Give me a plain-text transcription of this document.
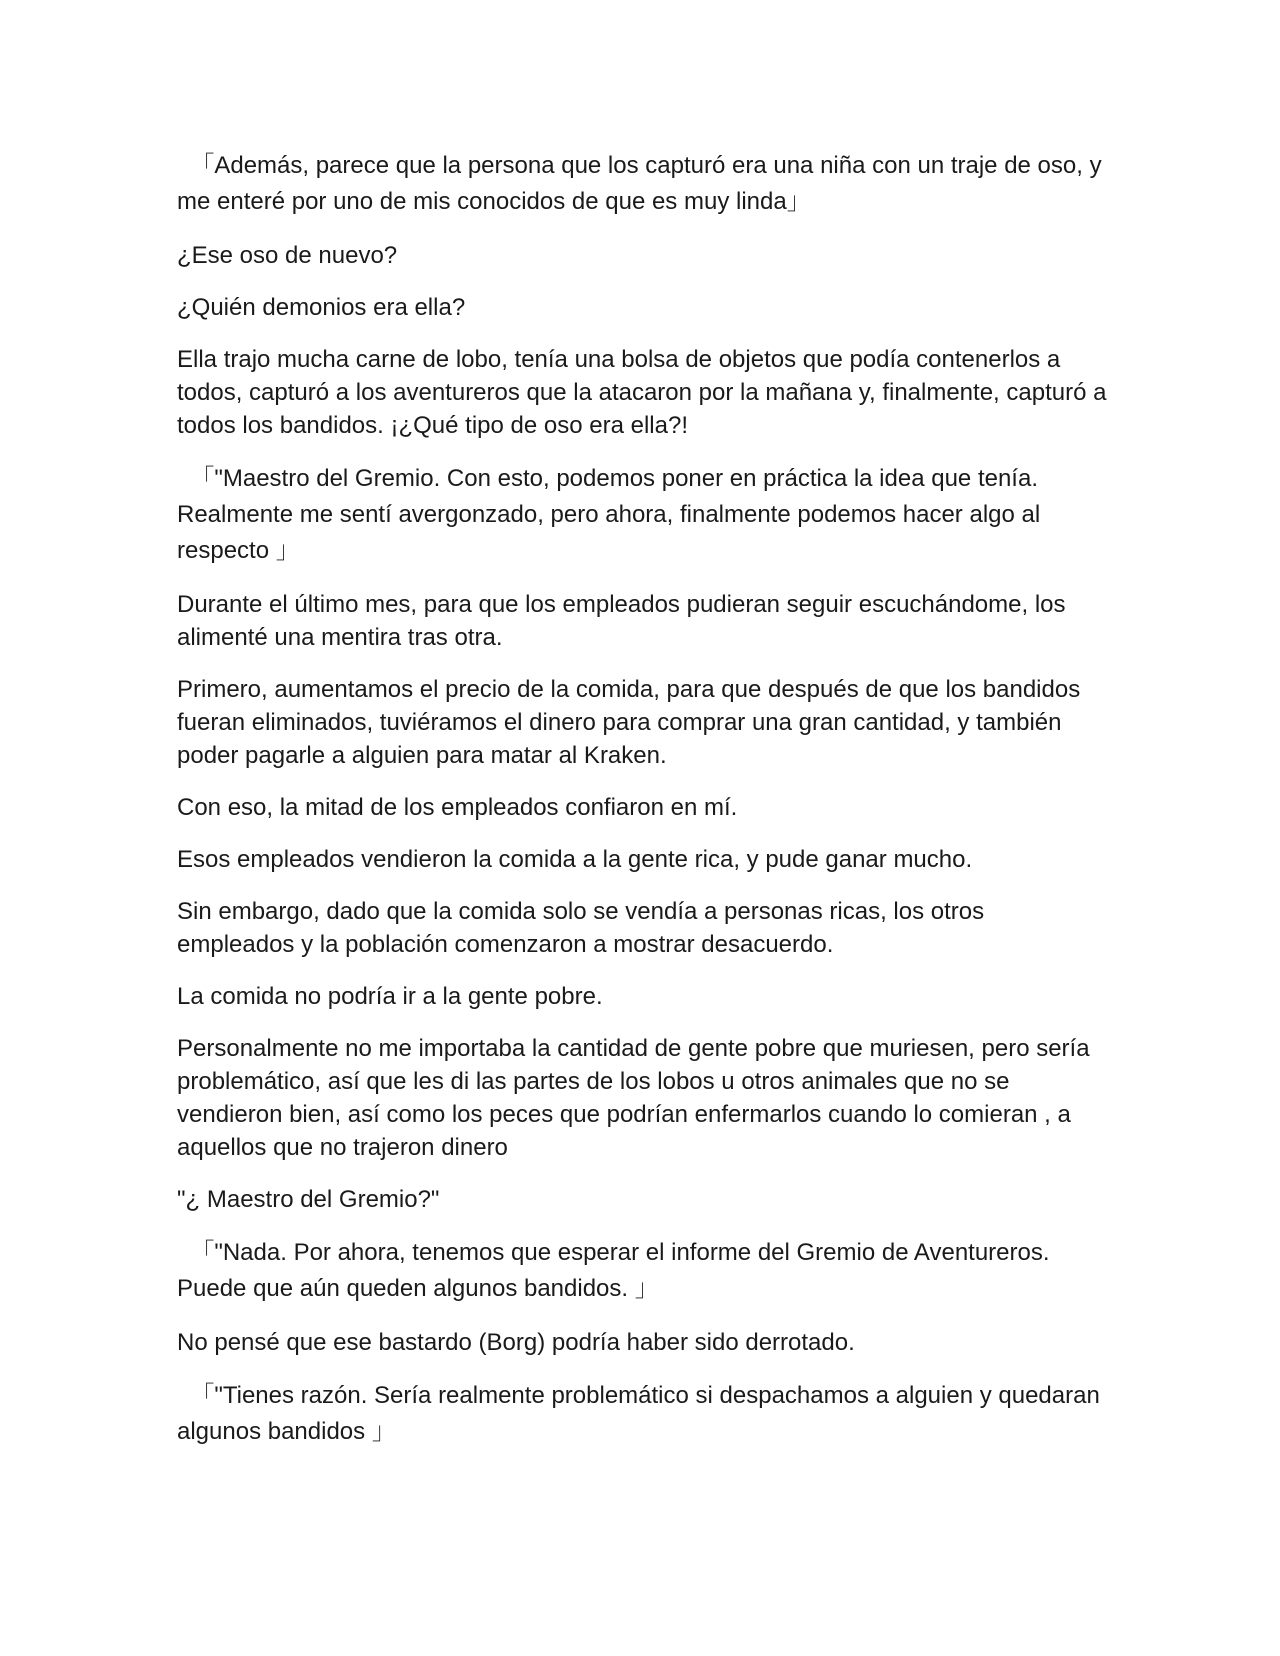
「Además, parece que la persona que los capturó era una niña con un traje de oso, y me enteré por uno de mis conocidos de que es muy linda」

¿Ese oso de nuevo?

¿Quién demonios era ella?

Ella trajo mucha carne de lobo, tenía una bolsa de objetos que podía contenerlos a todos, capturó a los aventureros que la atacaron por la mañana y, finalmente, capturó a todos los bandidos. ¡¿Qué tipo de oso era ella?!

「"Maestro del Gremio. Con esto, podemos poner en práctica la idea que tenía. Realmente me sentí avergonzado, pero ahora, finalmente podemos hacer algo al respecto 」

Durante el último mes, para que los empleados pudieran seguir escuchándome, los alimenté una mentira tras otra.

Primero, aumentamos el precio de la comida, para que después de que los bandidos fueran eliminados, tuviéramos el dinero para comprar una gran cantidad, y también poder pagarle a alguien para matar al Kraken.

Con eso, la mitad de los empleados confiaron en mí.

Esos empleados vendieron la comida a la gente rica, y pude ganar mucho.

Sin embargo, dado que la comida solo se vendía a personas ricas, los otros empleados y la población comenzaron a mostrar desacuerdo.

La comida no podría ir a la gente pobre.

Personalmente no me importaba la cantidad de gente pobre que muriesen, pero sería problemático, así que les di las partes de los lobos u otros animales que no se vendieron bien, así como los peces que podrían enfermarlos cuando lo comieran , a aquellos que no trajeron dinero

"¿ Maestro del Gremio?"

「"Nada. Por ahora, tenemos que esperar el informe del Gremio de Aventureros. Puede que aún queden algunos bandidos. 」

No pensé que ese bastardo (Borg) podría haber sido derrotado.

「"Tienes razón. Sería realmente problemático si despachamos a alguien y quedaran algunos bandidos 」
